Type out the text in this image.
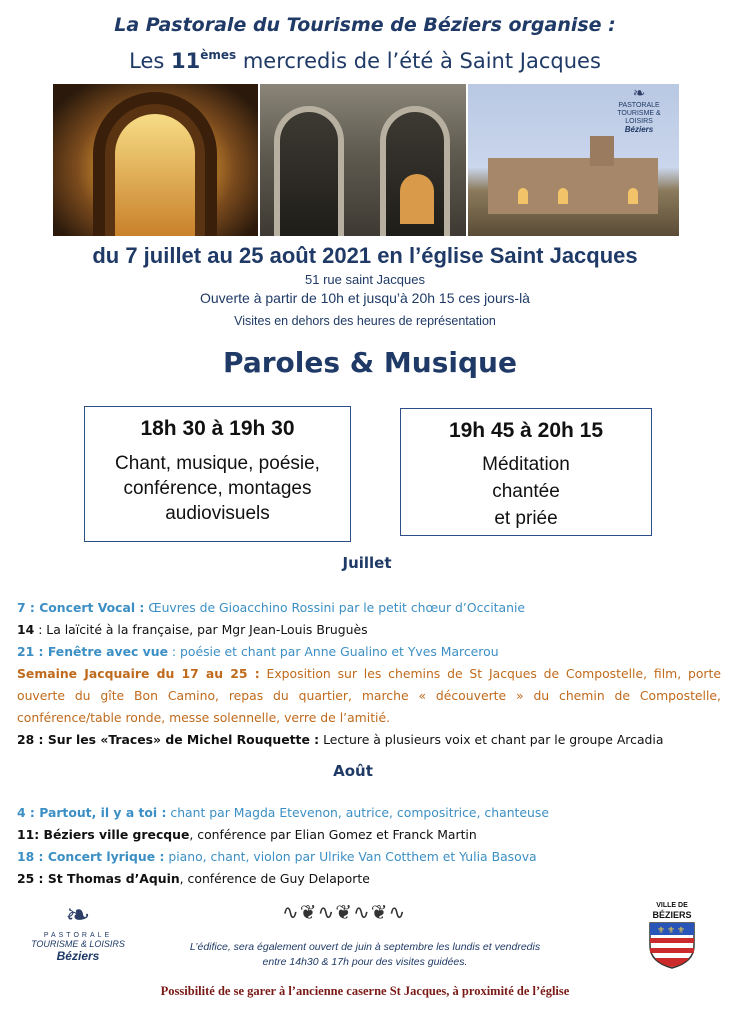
La Pastorale du Tourisme de Béziers organise :
Les 11èmes mercredis de l’été à Saint Jacques
❧
PASTORALE
TOURISME & LOISIRS
Béziers
du 7 juillet au 25 août 2021 en l’église Saint Jacques
51 rue saint Jacques
Ouverte à partir de 10h et jusqu’à 20h 15 ces jours-là
Visites en dehors des heures de représentation
Paroles & Musique
18h 30 à 19h 30
Chant, musique, poésie,
conférence, montages
audiovisuels
19h 45 à 20h 15
Méditation
chantée
et priée
Juillet
7 : Concert Vocal : Œuvres de Gioacchino Rossini par le petit chœur d’Occitanie
14 : La laïcité à la française, par Mgr Jean-Louis Bruguès
21 : Fenêtre avec vue : poésie et chant par Anne Gualino et Yves Marcerou
Semaine Jacquaire du 17 au 25 : Exposition sur les chemins de St Jacques de Compostelle, film, porte ouverte du gîte Bon Camino, repas du quartier, marche « découverte » du chemin de Compostelle, conférence/table ronde, messe solennelle, verre de l’amitié.
28 : Sur les «Traces» de Michel Rouquette : Lecture à plusieurs voix et chant par le groupe Arcadia
Août
4 : Partout, il y a toi : chant par Magda Etevenon, autrice, compositrice, chanteuse
11: Béziers ville grecque, conférence par Elian Gomez et Franck Martin
18 : Concert lyrique : piano, chant, violon par Ulrike Van Cotthem et Yulia Basova
25 : St Thomas d’Aquin, conférence de Guy Delaporte
❧
PASTORALE
TOURISME & LOISIRS
Béziers
∿❦∿❦∿❦∿
L’édifice, sera également ouvert de juin à septembre les lundis et vendredis
entre 14h30 & 17h pour des visites guidées.
VILLE DE
BÉZIERS
⚜ ⚜ ⚜
Possibilité de se garer à l’ancienne caserne St Jacques, à proximité de l’église
